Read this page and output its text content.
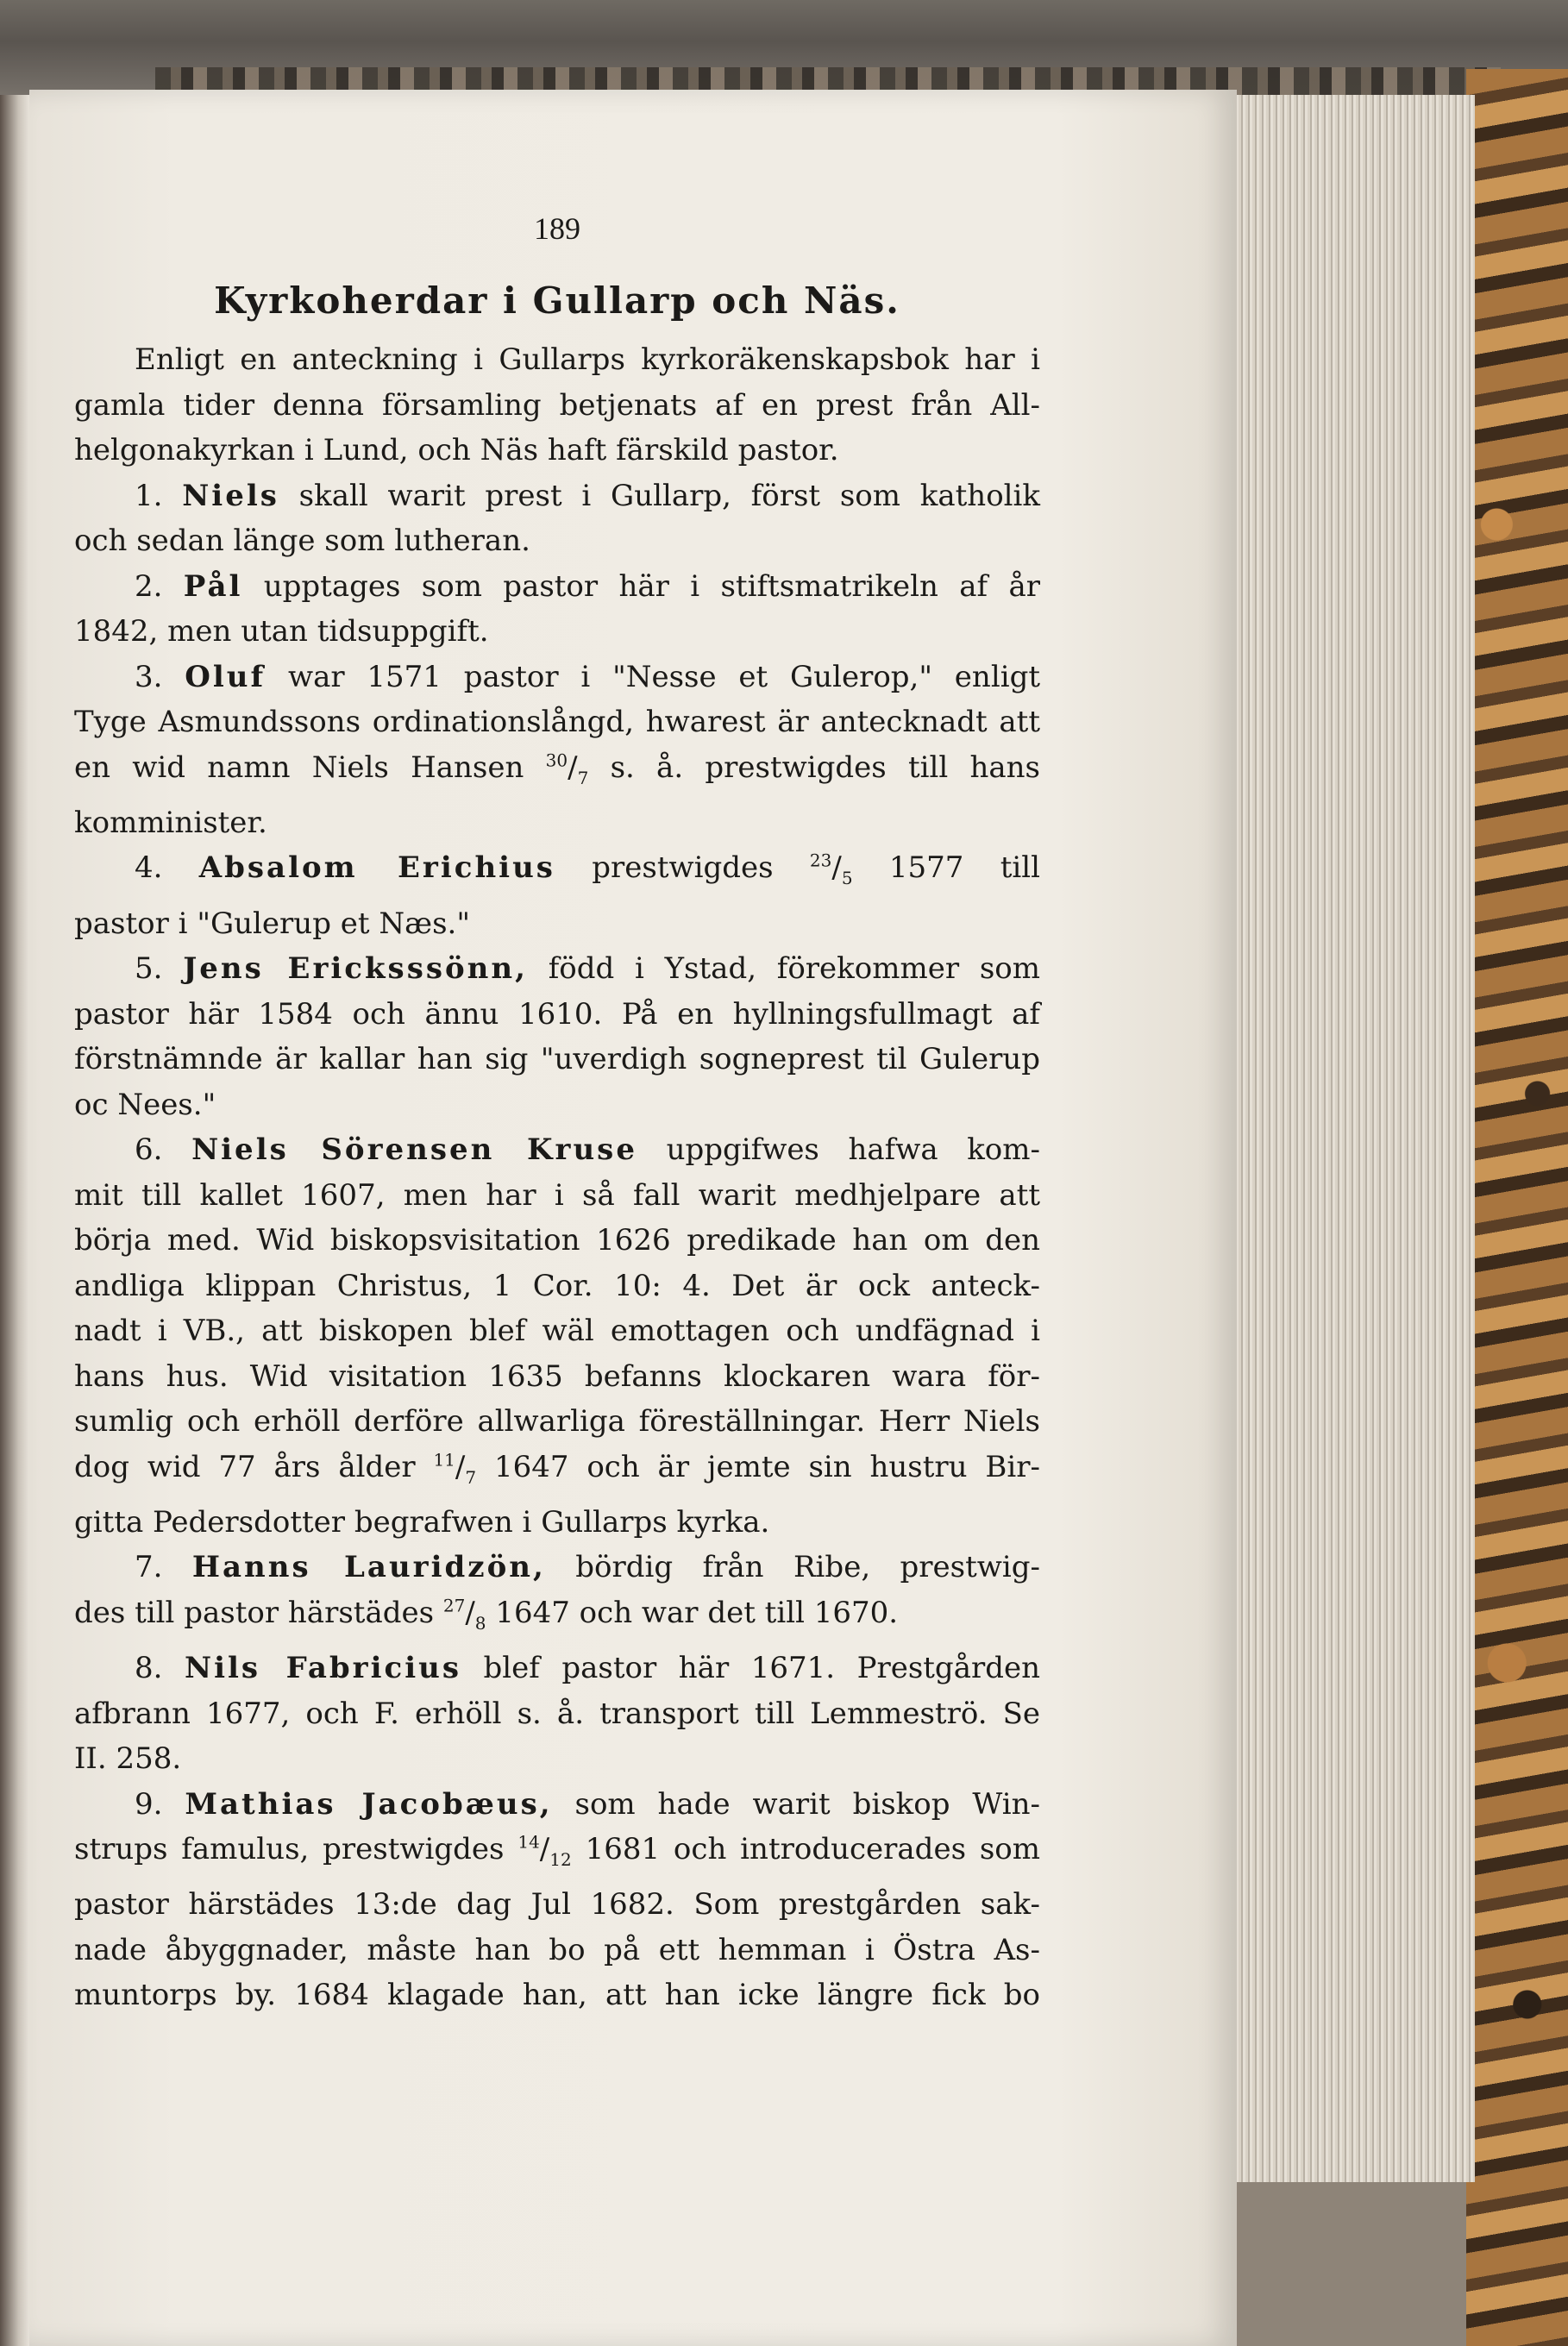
189
Kyrkoherdar i Gullarp och Näs.
Enligt en anteckning i Gullarps kyrkoräkenskapsbok har i
gamla tider denna församling betjenats af en prest från All-
helgonakyrkan i Lund, och Näs haft färskild pastor.
1. Niels skall warit prest i Gullarp, först som katholik
och sedan länge som lutheran.
2. Pål upptages som pastor här i stiftsmatrikeln af år
1842, men utan tidsuppgift.
3. Oluf war 1571 pastor i "Nesse et Gulerop," enligt
Tyge Asmundssons ordinationslångd, hwarest är antecknadt att
en wid namn Niels Hansen $^{30}/_7$ s. å. prestwigdes till hans
komminister.
4. Absalom Erichius prestwigdes $^{23}/_5$ 1577 till
pastor i "Gulerup et Næs."
5. Jens Ericksssönn, född i Ystad, förekommer som
pastor här 1584 och ännu 1610. På en hyllningsfullmagt af
förstnämnde är kallar han sig "uverdigh sogneprest til Gulerup
oc Nees."
6. Niels Sörensen Kruse uppgifwes hafwa kom-
mit till kallet 1607, men har i så fall warit medhjelpare att
börja med. Wid biskopsvisitation 1626 predikade han om den
andliga klippan Christus, 1 Cor. 10: 4. Det är ock anteck-
nadt i VB., att biskopen blef wäl emottagen och undfägnad i
hans hus. Wid visitation 1635 befanns klockaren wara för-
sumlig och erhöll derföre allwarliga föreställningar. Herr Niels
dog wid 77 års ålder $^{11}/_7$ 1647 och är jemte sin hustru Bir-
gitta Pedersdotter begrafwen i Gullarps kyrka.
7. Hanns Lauridzön, bördig från Ribe, prestwig-
des till pastor härstädes $^{27}/_8$ 1647 och war det till 1670.
8. Nils Fabricius blef pastor här 1671. Prestgården
afbrann 1677, och F. erhöll s. å. transport till Lemmeströ. Se
II. 258.
9. Mathias Jacobæus, som hade warit biskop Win-
strups famulus, prestwigdes $^{14}/_{12}$ 1681 och introducerades som
pastor härstädes 13:de dag Jul 1682. Som prestgården sak-
nade åbyggnader, måste han bo på ett hemman i Östra As-
muntorps by. 1684 klagade han, att han icke längre fick bo
